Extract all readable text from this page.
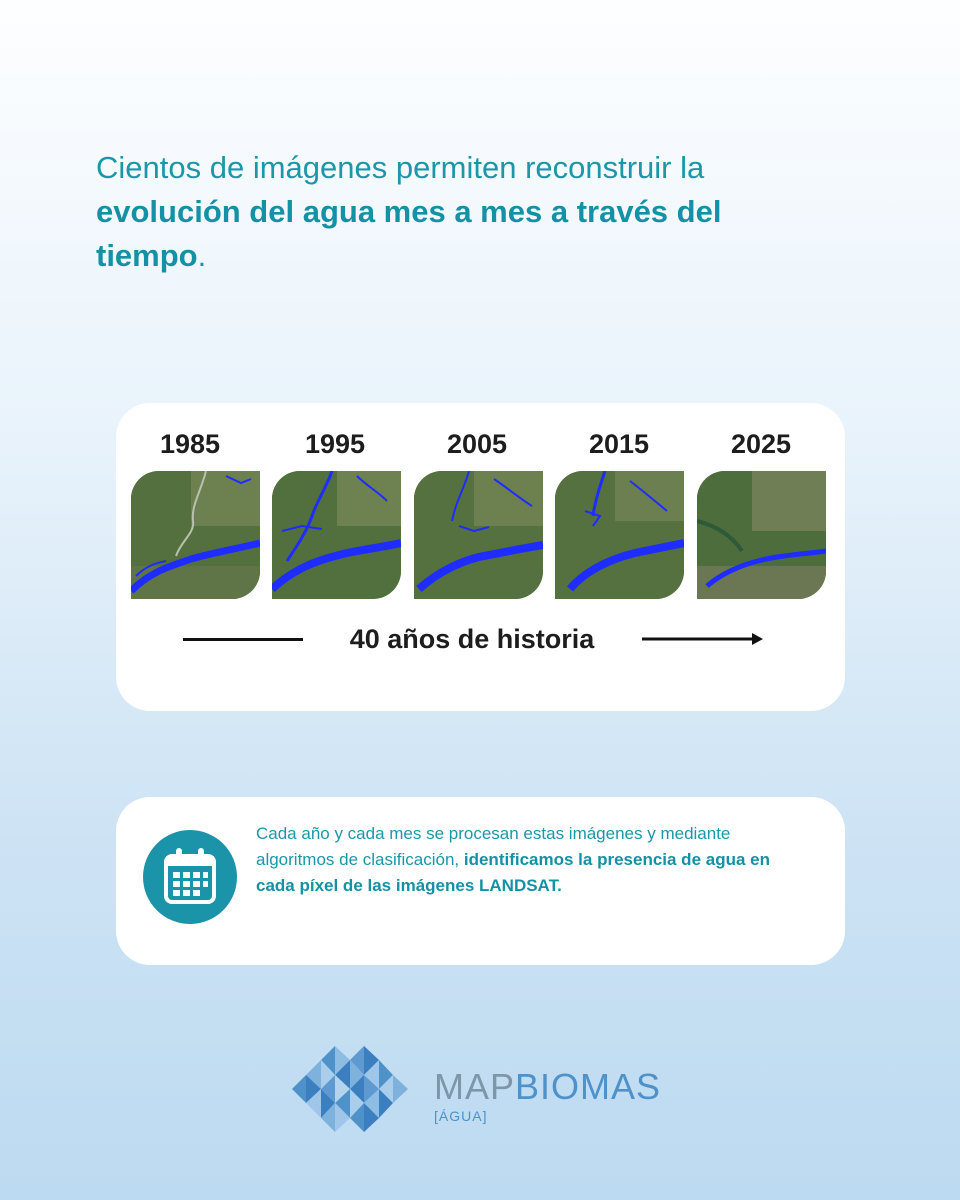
Cientos de imágenes permiten reconstruir la evolución del agua mes a mes a través del tiempo.
1985	1995	2005	2015	2025
40 años de historia
Cada año y cada mes se procesan estas imágenes y mediante algoritmos de clasificación, identificamos la presencia de agua en cada píxel de las imágenes LANDSAT.
MAPBIOMAS
[ÁGUA]
